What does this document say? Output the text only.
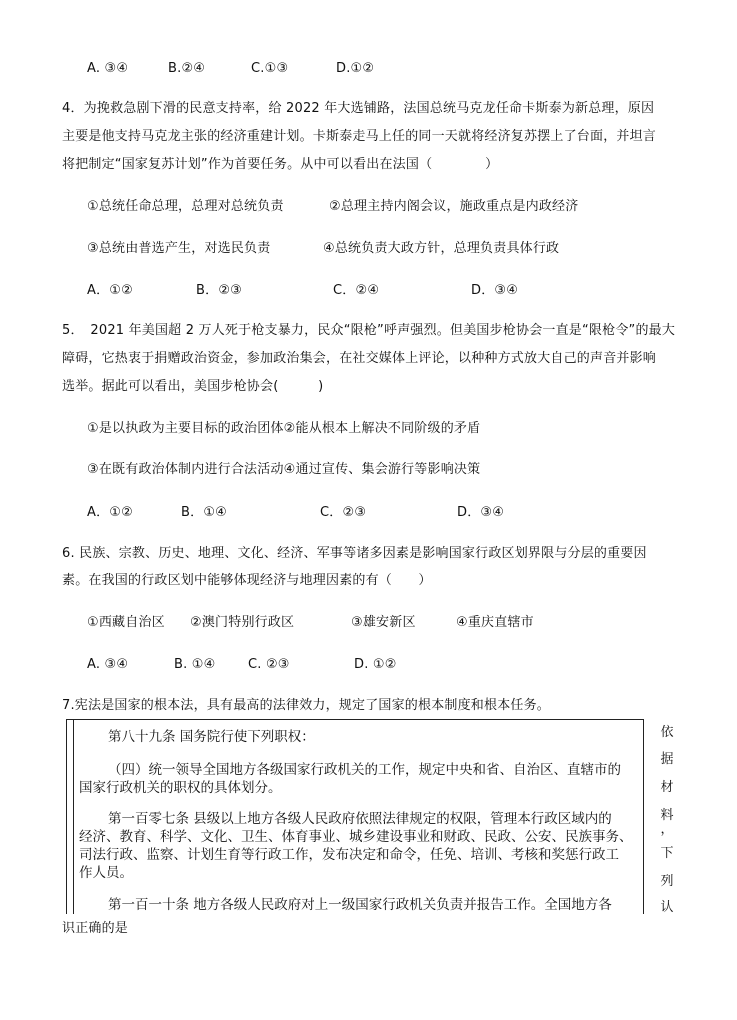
A. ③④	B.②④	C.①③	D.①②
4．为挽救急剧下滑的民意支持率，给 2022 年大选铺路，法国总统马克龙任命卡斯泰为新总理，原因
主要是他支持马克龙主张的经济重建计划。卡斯泰走马上任的同一天就将经济复苏摆上了台面，并坦言
将把制定“国家复苏计划”作为首要任务。从中可以看出在法国（　　　　）
①总统任命总理，总理对总统负责	②总理主持内阁会议，施政重点是内政经济
③总统由普选产生，对选民负责	④总统负责大政方针，总理负责具体行政
A．①②	B．②③	C．②④	D．③④
5．　2021 年美国超 2 万人死于枪支暴力，民众“限枪”呼声强烈。但美国步枪协会一直是“限枪令”的最大
障碍，它热衷于捐赠政治资金，参加政治集会，在社交媒体上评论，以种种方式放大自己的声音并影响
选举。据此可以看出，美国步枪协会(　　　)
①是以执政为主要目标的政治团体②能从根本上解决不同阶级的矛盾
③在既有政治体制内进行合法活动④通过宣传、集会游行等影响决策
A．①②	B．①④	C．②③	D．③④
6. 民族、宗教、历史、地理、文化、经济、军事等诸多因素是影响国家行政区划界限与分层的重要因
素。在我国的行政区划中能够体现经济与地理因素的有（　　）
①西藏自治区 ②澳门特别行政区	③雄安新区	④重庆直辖市
A. ③④	B. ①④	C. ②③	D. ①②
7.宪法是国家的根本法，具有最高的法律效力，规定了国家的根本制度和根本任务。
第八十九条 国务院行使下列职权：
（四）统一领导全国地方各级国家行政机关的工作，规定中央和省、自治区、直辖市的
国家行政机关的职权的具体划分。
第一百零七条 县级以上地方各级人民政府依照法律规定的权限，管理本行政区域内的
经济、教育、科学、文化、卫生、体育事业、城乡建设事业和财政、民政、公安、民族事务、
司法行政、监察、计划生育等行政工作，发布决定和命令，任免、培训、考核和奖惩行政工
作人员。
第一百一十条 地方各级人民政府对上一级国家行政机关负责并报告工作。全国地方各
依
据
材
料
，
下
列
认
识正确的是
